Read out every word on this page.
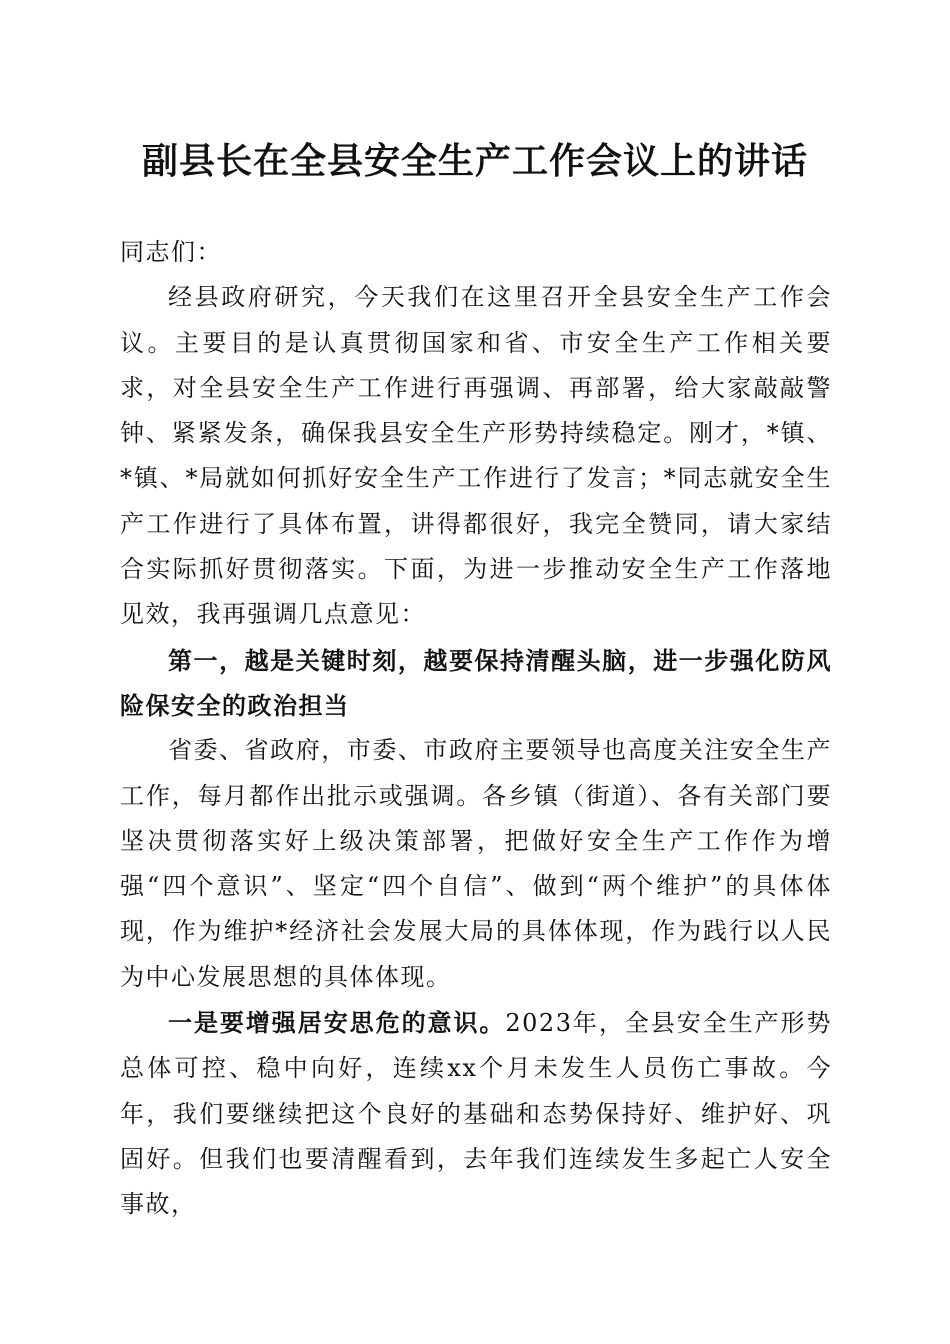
副县长在全县安全生产工作会议上的讲话

同志们：

经县政府研究，今天我们在这里召开全县安全生产工作会议。主要目的是认真贯彻国家和省、市安全生产工作相关要求，对全县安全生产工作进行再强调、再部署，给大家敲敲警钟、紧紧发条，确保我县安全生产形势持续稳定。刚才，*镇、*镇、*局就如何抓好安全生产工作进行了发言；*同志就安全生产工作进行了具体布置，讲得都很好，我完全赞同，请大家结合实际抓好贯彻落实。下面，为进一步推动安全生产工作落地见效，我再强调几点意见：

第一，越是关键时刻，越要保持清醒头脑，进一步强化防风险保安全的政治担当

省委、省政府，市委、市政府主要领导也高度关注安全生产工作，每月都作出批示或强调。各乡镇（街道）、各有关部门要坚决贯彻落实好上级决策部署，把做好安全生产工作作为增强“四个意识”、坚定“四个自信”、做到“两个维护”的具体体现，作为维护*经济社会发展大局的具体体现，作为践行以人民为中心发展思想的具体体现。

一是要增强居安思危的意识。2023年，全县安全生产形势总体可控、稳中向好，连续xx个月未发生人员伤亡事故。今年，我们要继续把这个良好的基础和态势保持好、维护好、巩固好。但我们也要清醒看到，去年我们连续发生多起亡人安全事故，
